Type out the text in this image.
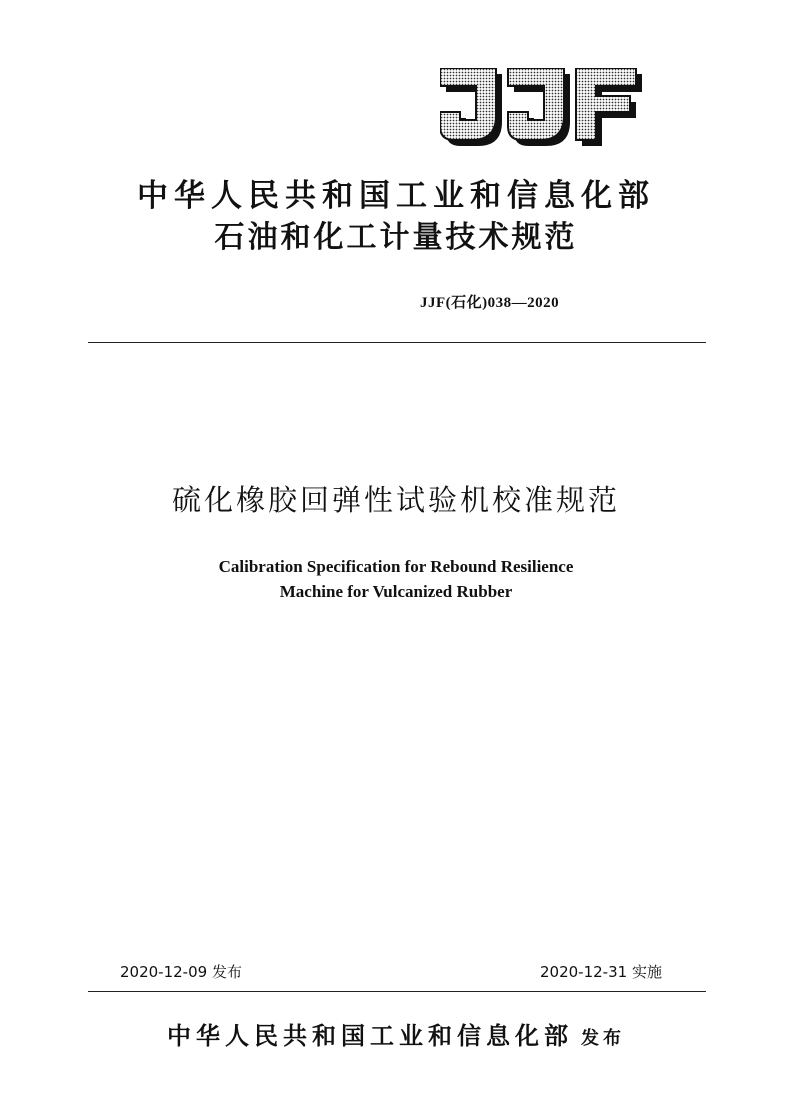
中华人民共和国工业和信息化部
石油和化工计量技术规范
JJF(石化)038—2020
硫化橡胶回弹性试验机校准规范
Calibration Specification for Rebound Resilience
Machine for Vulcanized Rubber
2020-12-09 发布	2020-12-31 实施
中华人民共和国工业和信息化部 发布
